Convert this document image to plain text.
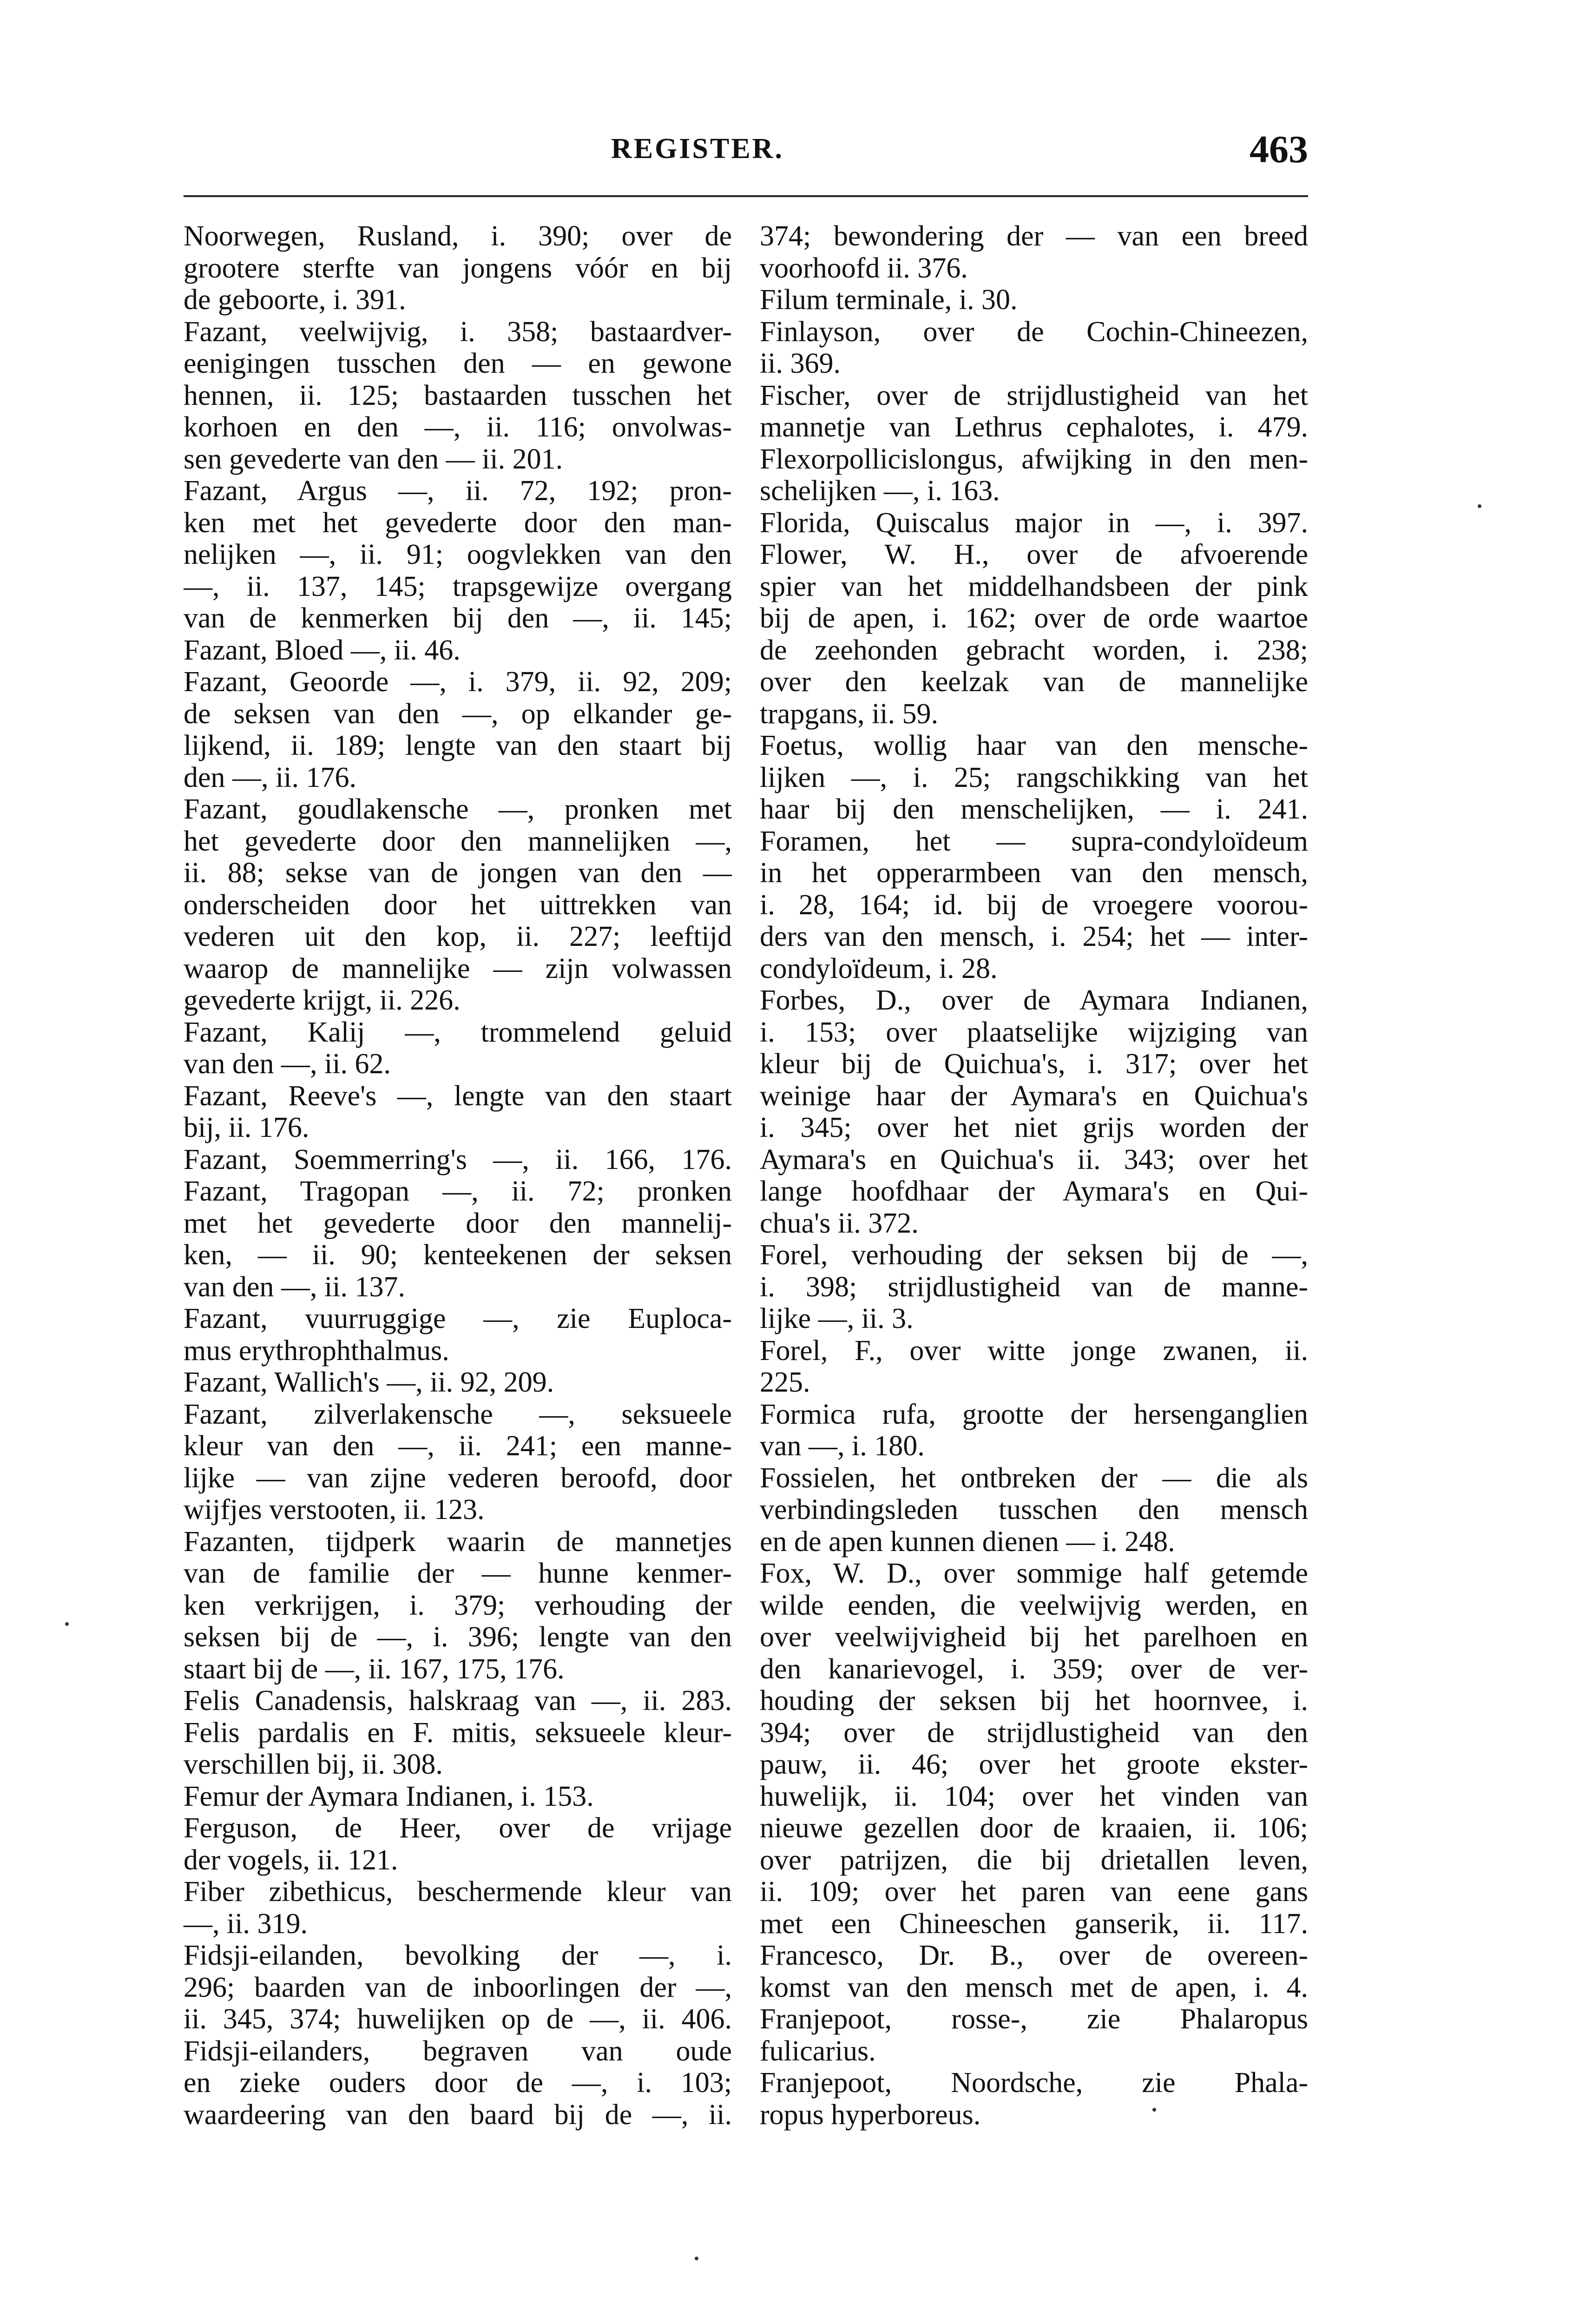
REGISTER.	463
Noorwegen, Rusland, i. 390; over de
grootere sterfte van jongens vóór en bij
de geboorte, i. 391.
Fazant, veelwijvig, i. 358; bastaardver-
eenigingen tusschen den — en gewone
hennen, ii. 125; bastaarden tusschen het
korhoen en den —, ii. 116; onvolwas-
sen gevederte van den — ii. 201.
Fazant, Argus —, ii. 72, 192; pron-
ken met het gevederte door den man-
nelijken —, ii. 91; oogvlekken van den
—, ii. 137, 145; trapsgewijze overgang
van de kenmerken bij den —, ii. 145;
Fazant, Bloed —, ii. 46.
Fazant, Geoorde —, i. 379, ii. 92, 209;
de seksen van den —, op elkander ge-
lijkend, ii. 189; lengte van den staart bij
den —, ii. 176.
Fazant, goudlakensche —, pronken met
het gevederte door den mannelijken —,
ii. 88; sekse van de jongen van den —
onderscheiden door het uittrekken van
vederen uit den kop, ii. 227; leeftijd
waarop de mannelijke — zijn volwassen
gevederte krijgt, ii. 226.
Fazant, Kalij —, trommelend geluid
van den —, ii. 62.
Fazant, Reeve's —, lengte van den staart
bij, ii. 176.
Fazant, Soemmerring's —, ii. 166, 176.
Fazant, Tragopan —, ii. 72; pronken
met het gevederte door den mannelij-
ken, — ii. 90; kenteekenen der seksen
van den —, ii. 137.
Fazant, vuurruggige —, zie Euploca-
mus erythrophthalmus.
Fazant, Wallich's —, ii. 92, 209.
Fazant, zilverlakensche —, seksueele
kleur van den —, ii. 241; een manne-
lijke — van zijne vederen beroofd, door
wijfjes verstooten, ii. 123.
Fazanten, tijdperk waarin de mannetjes
van de familie der — hunne kenmer-
ken verkrijgen, i. 379; verhouding der
seksen bij de —, i. 396; lengte van den
staart bij de —, ii. 167, 175, 176.
Felis Canadensis, halskraag van —, ii. 283.
Felis pardalis en F. mitis, seksueele kleur-
verschillen bij, ii. 308.
Femur der Aymara Indianen, i. 153.
Ferguson, de Heer, over de vrijage
der vogels, ii. 121.
Fiber zibethicus, beschermende kleur van
—, ii. 319.
Fidsji-eilanden, bevolking der —, i.
296; baarden van de inboorlingen der —,
ii. 345, 374; huwelijken op de —, ii. 406.
Fidsji-eilanders, begraven van oude
en zieke ouders door de —, i. 103;
waardeering van den baard bij de —, ii.
374; bewondering der — van een breed
voorhoofd ii. 376.
Filum terminale, i. 30.
Finlayson, over de Cochin-Chineezen,
ii. 369.
Fischer, over de strijdlustigheid van het
mannetje van Lethrus cephalotes, i. 479.
Flexorpollicislongus, afwijking in den men-
schelijken —, i. 163.
Florida, Quiscalus major in —, i. 397.
Flower, W. H., over de afvoerende
spier van het middelhandsbeen der pink
bij de apen, i. 162; over de orde waartoe
de zeehonden gebracht worden, i. 238;
over den keelzak van de mannelijke
trapgans, ii. 59.
Foetus, wollig haar van den mensche-
lijken —, i. 25; rangschikking van het
haar bij den menschelijken, — i. 241.
Foramen, het — supra-condyloïdeum
in het opperarmbeen van den mensch,
i. 28, 164; id. bij de vroegere voorou-
ders van den mensch, i. 254; het — inter-
condyloïdeum, i. 28.
Forbes, D., over de Aymara Indianen,
i. 153; over plaatselijke wijziging van
kleur bij de Quichua's, i. 317; over het
weinige haar der Aymara's en Quichua's
i. 345; over het niet grijs worden der
Aymara's en Quichua's ii. 343; over het
lange hoofdhaar der Aymara's en Qui-
chua's ii. 372.
Forel, verhouding der seksen bij de —,
i. 398; strijdlustigheid van de manne-
lijke —, ii. 3.
Forel, F., over witte jonge zwanen, ii.
225.
Formica rufa, grootte der hersenganglien
van —, i. 180.
Fossielen, het ontbreken der — die als
verbindingsleden tusschen den mensch
en de apen kunnen dienen — i. 248.
Fox, W. D., over sommige half getemde
wilde eenden, die veelwijvig werden, en
over veelwijvigheid bij het parelhoen en
den kanarievogel, i. 359; over de ver-
houding der seksen bij het hoornvee, i.
394; over de strijdlustigheid van den
pauw, ii. 46; over het groote ekster-
huwelijk, ii. 104; over het vinden van
nieuwe gezellen door de kraaien, ii. 106;
over patrijzen, die bij drietallen leven,
ii. 109; over het paren van eene gans
met een Chineeschen ganserik, ii. 117.
Francesco, Dr. B., over de overeen-
komst van den mensch met de apen, i. 4.
Franjepoot, rosse-, zie Phalaropus
fulicarius.
Franjepoot, Noordsche, zie Phala-
ropus hyperboreus.
